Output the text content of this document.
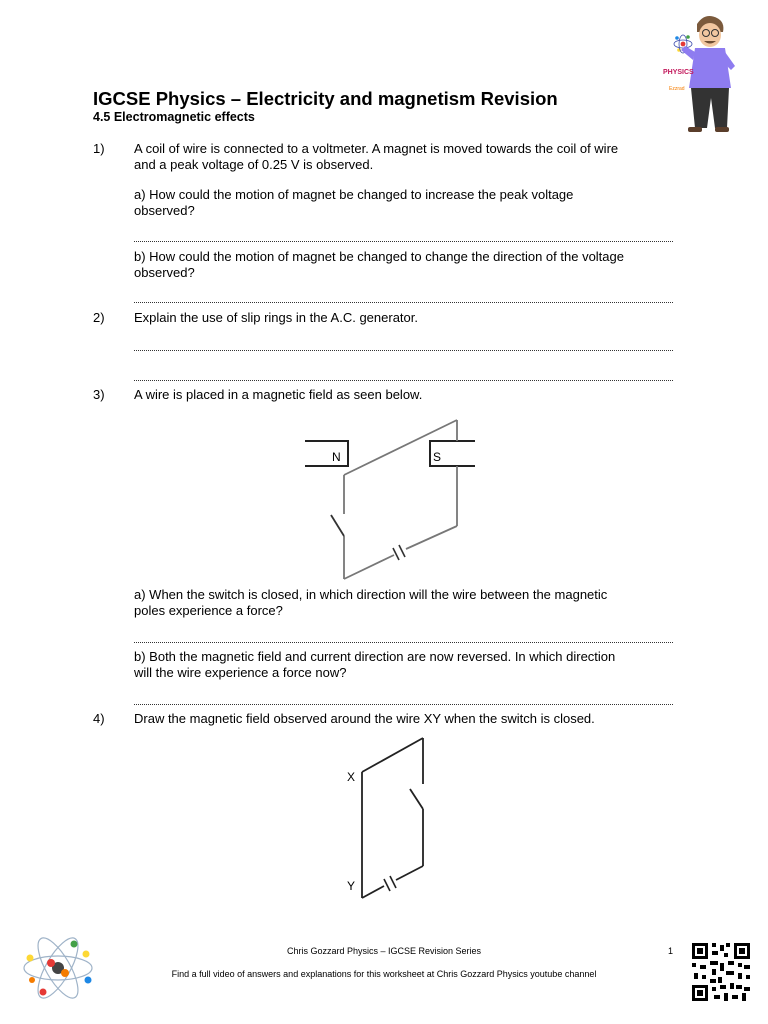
IGCSE Physics – Electricity and magnetism Revision
4.5 Electromagnetic effects
PHYSICS
Ezzrad
1) A coil of wire is connected to a voltmeter. A magnet is moved towards the coil of wire
and a peak voltage of 0.25 V is observed.
a) How could the motion of magnet be changed to increase the peak voltage
observed?
b) How could the motion of magnet be changed to change the direction of the voltage
observed?
2) Explain the use of slip rings in the A.C. generator.
3) A wire is placed in a magnetic field as seen below.
N	S
a) When the switch is closed, in which direction will the wire between the magnetic
poles experience a force?
b) Both the magnetic field and current direction are now reversed. In which direction
will the wire experience a force now?
4) Draw the magnetic field observed around the wire XY when the switch is closed.
X
Y
Chris Gozzard Physics – IGCSE Revision Series	1
Find a full video of answers and explanations for this worksheet at Chris Gozzard Physics youtube channel
